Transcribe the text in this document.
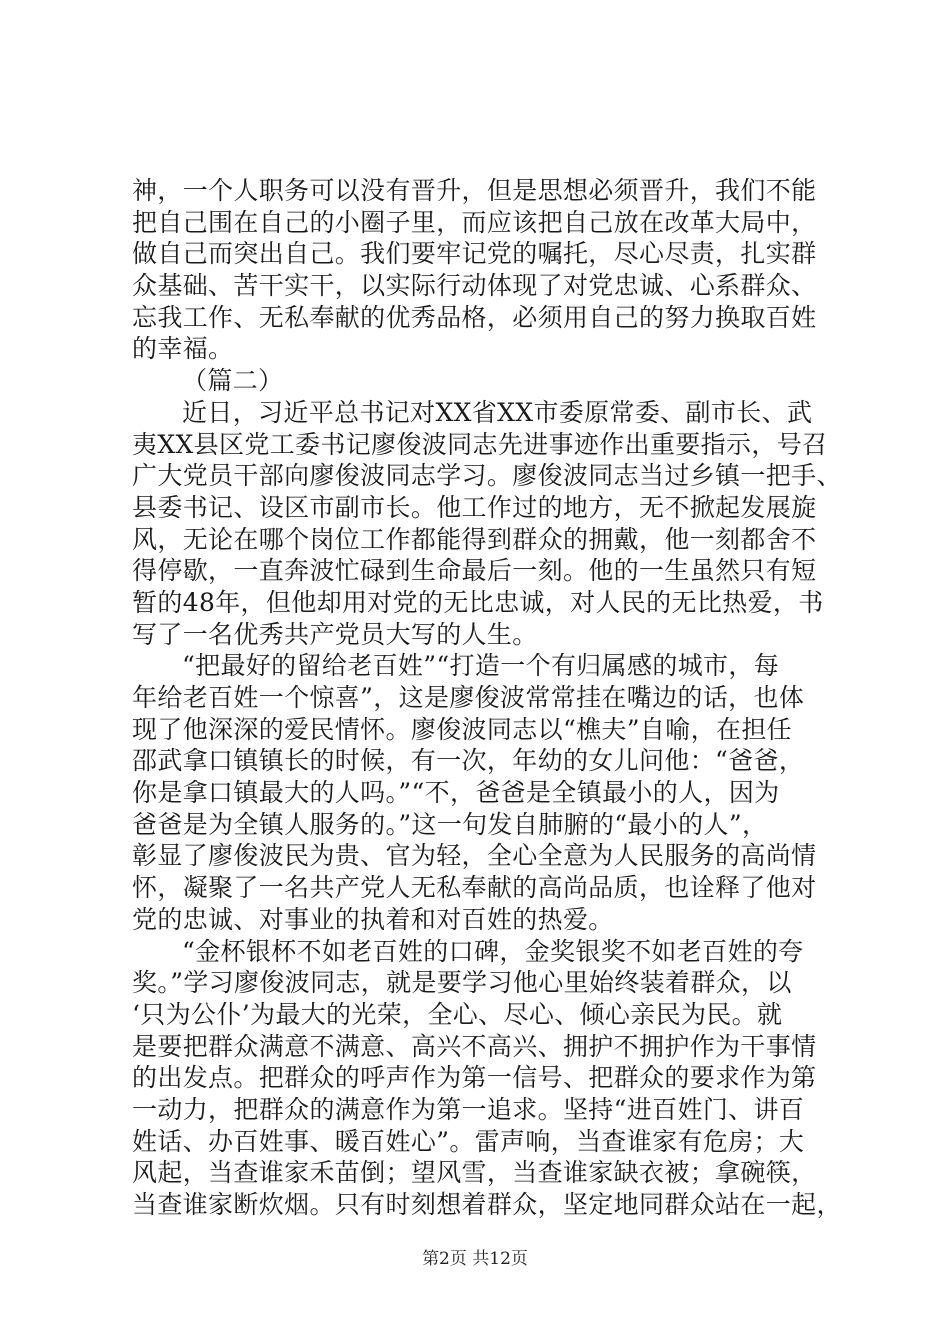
神，一个人职务可以没有晋升，但是思想必须晋升，我们不能
把自己围在自己的小圈子里，而应该把自己放在改革大局中，
做自己而突出自己。我们要牢记党的嘱托，尽心尽责，扎实群
众基础、苦干实干，以实际行动体现了对党忠诚、心系群众、
忘我工作、无私奉献的优秀品格，必须用自己的努力换取百姓
的幸福。
（篇二）
近日，习近平总书记对XX省XX市委原常委、副市长、武
夷XX县区党工委书记廖俊波同志先进事迹作出重要指示，号召
广大党员干部向廖俊波同志学习。廖俊波同志当过乡镇一把手、
县委书记、设区市副市长。他工作过的地方，无不掀起发展旋
风，无论在哪个岗位工作都能得到群众的拥戴，他一刻都舍不
得停歇，一直奔波忙碌到生命最后一刻。他的一生虽然只有短
暂的48年，但他却用对党的无比忠诚，对人民的无比热爱，书
写了一名优秀共产党员大写的人生。
“把最好的留给老百姓”“打造一个有归属感的城市，每
年给老百姓一个惊喜”，这是廖俊波常常挂在嘴边的话，也体
现了他深深的爱民情怀。廖俊波同志以“樵夫”自喻，在担任
邵武拿口镇镇长的时候，有一次，年幼的女儿问他：“爸爸，
你是拿口镇最大的人吗。”“不，爸爸是全镇最小的人，因为
爸爸是为全镇人服务的。”这一句发自肺腑的“最小的人”，
彰显了廖俊波民为贵、官为轻，全心全意为人民服务的高尚情
怀，凝聚了一名共产党人无私奉献的高尚品质，也诠释了他对
党的忠诚、对事业的执着和对百姓的热爱。
“金杯银杯不如老百姓的口碑，金奖银奖不如老百姓的夸
奖。”学习廖俊波同志，就是要学习他心里始终装着群众，以
‘只为公仆’为最大的光荣，全心、尽心、倾心亲民为民。就
是要把群众满意不满意、高兴不高兴、拥护不拥护作为干事情
的出发点。把群众的呼声作为第一信号、把群众的要求作为第
一动力，把群众的满意作为第一追求。坚持“进百姓门、讲百
姓话、办百姓事、暖百姓心”。雷声响，当查谁家有危房；大
风起，当查谁家禾苗倒；望风雪，当查谁家缺衣被；拿碗筷，
当查谁家断炊烟。只有时刻想着群众，坚定地同群众站在一起，
第2页 共12页
